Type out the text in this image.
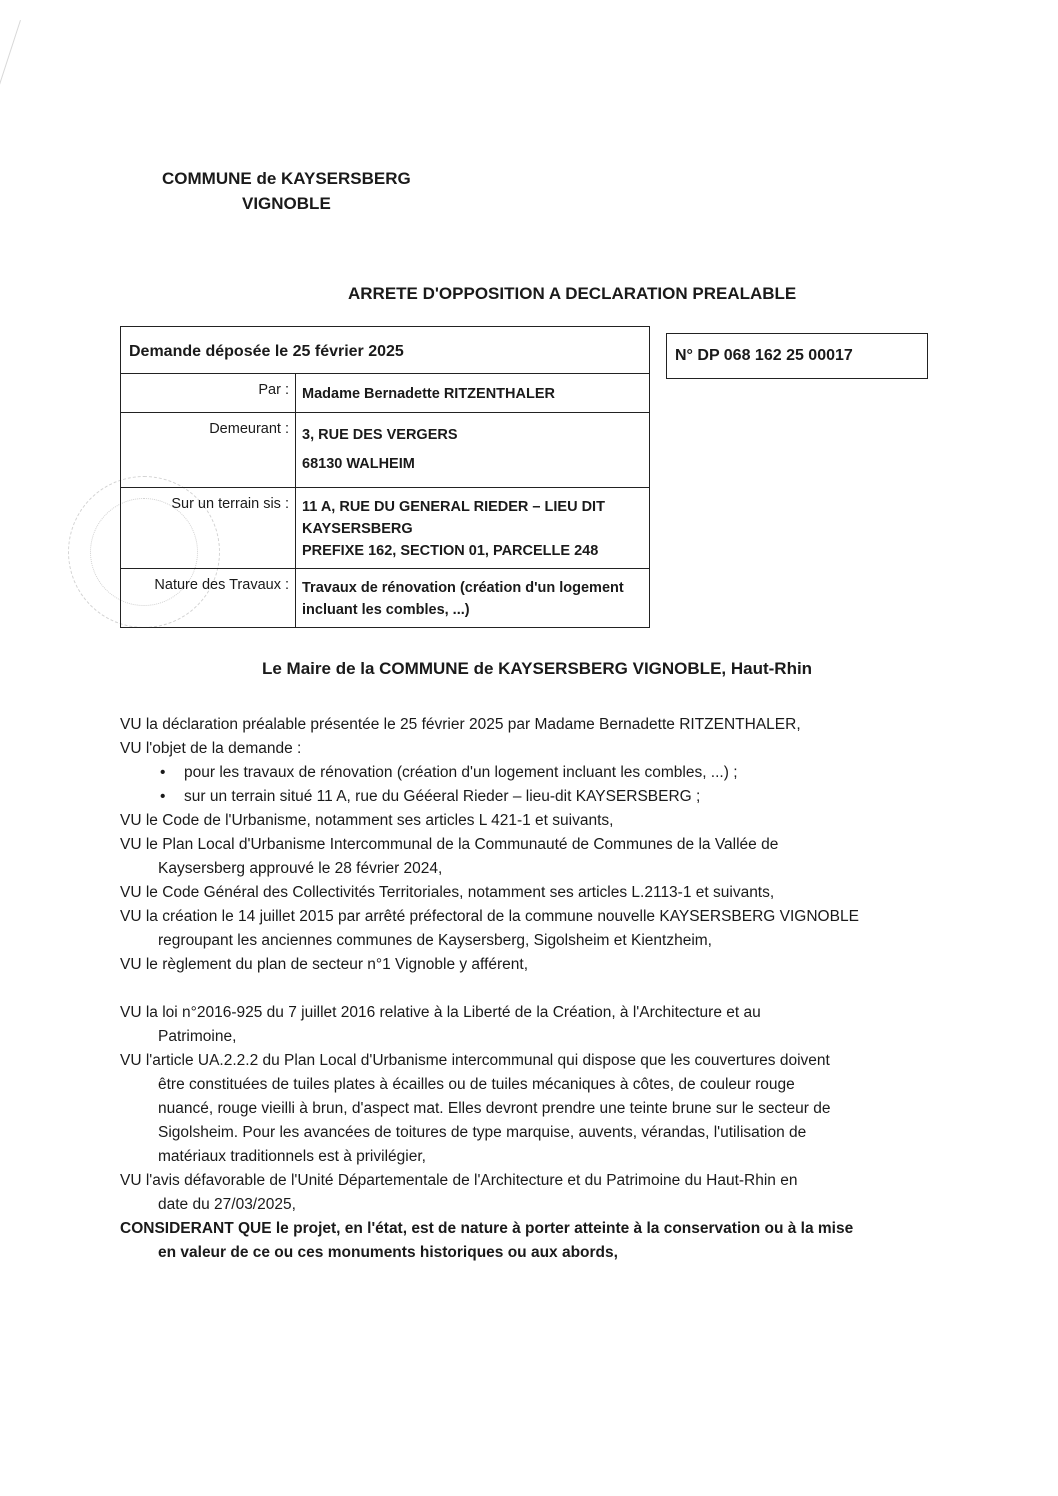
COMMUNE de KAYSERSBERG
VIGNOBLE
ARRETE D'OPPOSITION A DECLARATION PREALABLE
Demande déposée le 25 février 2025	
Par :	Madame Bernadette RITZENTHALER

Demeurant :	3, RUE DES VERGERS
68130 WALHEIM

Sur un terrain sis :	11 A, RUE DU GENERAL RIEDER – LIEU DIT
KAYSERSBERG
PREFIXE 162, SECTION 01, PARCELLE 248

Nature des Travaux :	Travaux de rénovation (création d'un logement
incluant les combles, ...)
N° DP 068 162 25 00017
Le Maire de la COMMUNE de KAYSERSBERG VIGNOBLE, Haut-Rhin

VU la déclaration préalable présentée le 25 février 2025 par Madame Bernadette RITZENTHALER,

VU l'objet de la demande :

• pour les travaux de rénovation (création d'un logement incluant les combles, ...) ;

• sur un terrain situé 11 A, rue du Gééeral Rieder – lieu-dit KAYSERSBERG ;

VU le Code de l'Urbanisme, notamment ses articles L 421-1 et suivants,

VU le Plan Local d'Urbanisme Intercommunal de la Communauté de Communes de la Vallée de

Kaysersberg approuvé le 28 février 2024,

VU le Code Général des Collectivités Territoriales, notamment ses articles L.2113-1 et suivants,

VU la création le 14 juillet 2015 par arrêté préfectoral de la commune nouvelle KAYSERSBERG VIGNOBLE

regroupant les anciennes communes de Kaysersberg, Sigolsheim et Kientzheim,

VU le règlement du plan de secteur n°1 Vignoble y afférent,

VU la loi n°2016-925 du 7 juillet 2016 relative à la Liberté de la Création, à l'Architecture et au

Patrimoine,

VU l'article UA.2.2.2 du Plan Local d'Urbanisme intercommunal qui dispose que les couvertures doivent

être constituées de tuiles plates à écailles ou de tuiles mécaniques à côtes, de couleur rouge

nuancé, rouge vieilli à brun, d'aspect mat. Elles devront prendre une teinte brune sur le secteur de

Sigolsheim. Pour les avancées de toitures de type marquise, auvents, vérandas, l'utilisation de

matériaux traditionnels est à privilégier,

VU l'avis défavorable de l'Unité Départementale de l'Architecture et du Patrimoine du Haut-Rhin en

date du 27/03/2025,

CONSIDERANT QUE le projet, en l'état, est de nature à porter atteinte à la conservation ou à la mise

en valeur de ce ou ces monuments historiques ou aux abords,
